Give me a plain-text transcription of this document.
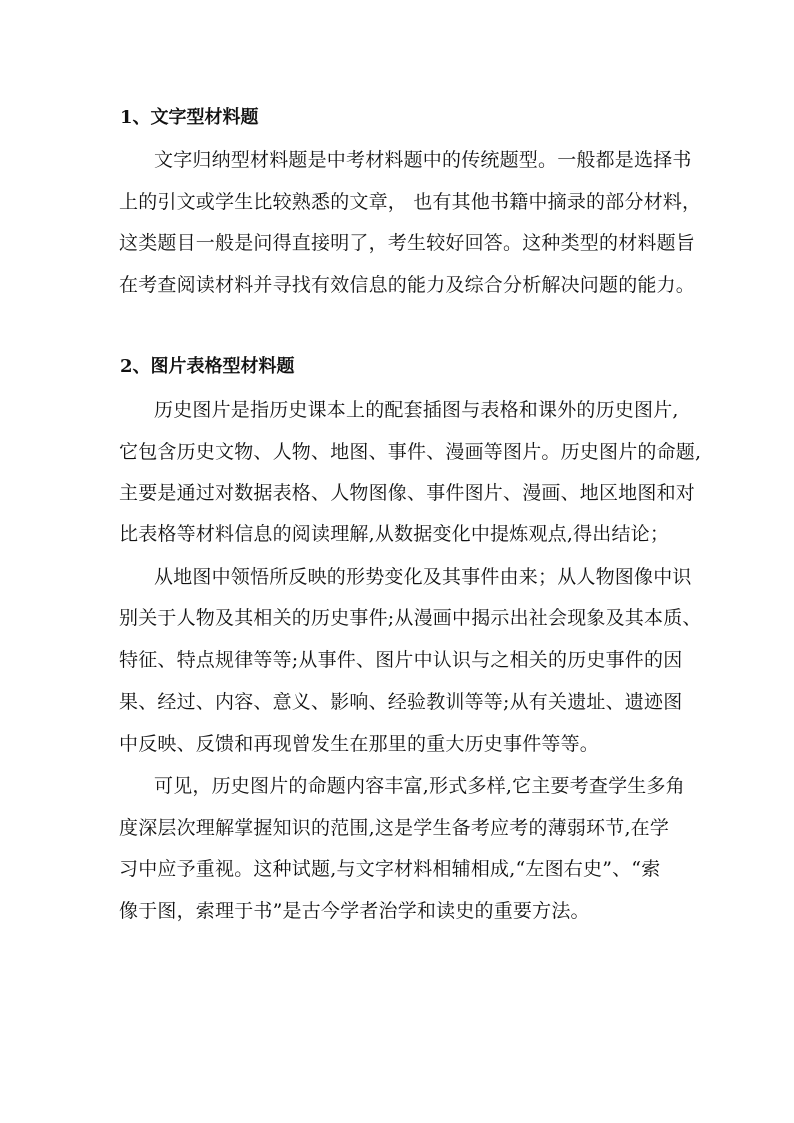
1、文字型材料题

文字归纳型材料题是中考材料题中的传统题型。一般都是选择书

上的引文或学生比较熟悉的文章， 也有其他书籍中摘录的部分材料，

这类题目一般是问得直接明了，考生较好回答。这种类型的材料题旨

在考查阅读材料并寻找有效信息的能力及综合分析解决问题的能力。

2、图片表格型材料题

历史图片是指历史课本上的配套插图与表格和课外的历史图片,

它包含历史文物、人物、地图、事件、漫画等图片。历史图片的命题,

主要是通过对数据表格、人物图像、事件图片、漫画、地区地图和对

比表格等材料信息的阅读理解,从数据变化中提炼观点,得出结论；

从地图中领悟所反映的形势变化及其事件由来；从人物图像中识

别关于人物及其相关的历史事件;从漫画中揭示出社会现象及其本质、

特征、特点规律等等;从事件、图片中认识与之相关的历史事件的因

果、经过、内容、意义、影响、经验教训等等;从有关遗址、遗迹图

中反映、反馈和再现曾发生在那里的重大历史事件等等。

可见，历史图片的命题内容丰富,形式多样,它主要考查学生多角

度深层次理解掌握知识的范围,这是学生备考应考的薄弱环节,在学

习中应予重视。这种试题,与文字材料相辅相成,“左图右史”、“索

像于图，索理于书”是古今学者治学和读史的重要方法。
